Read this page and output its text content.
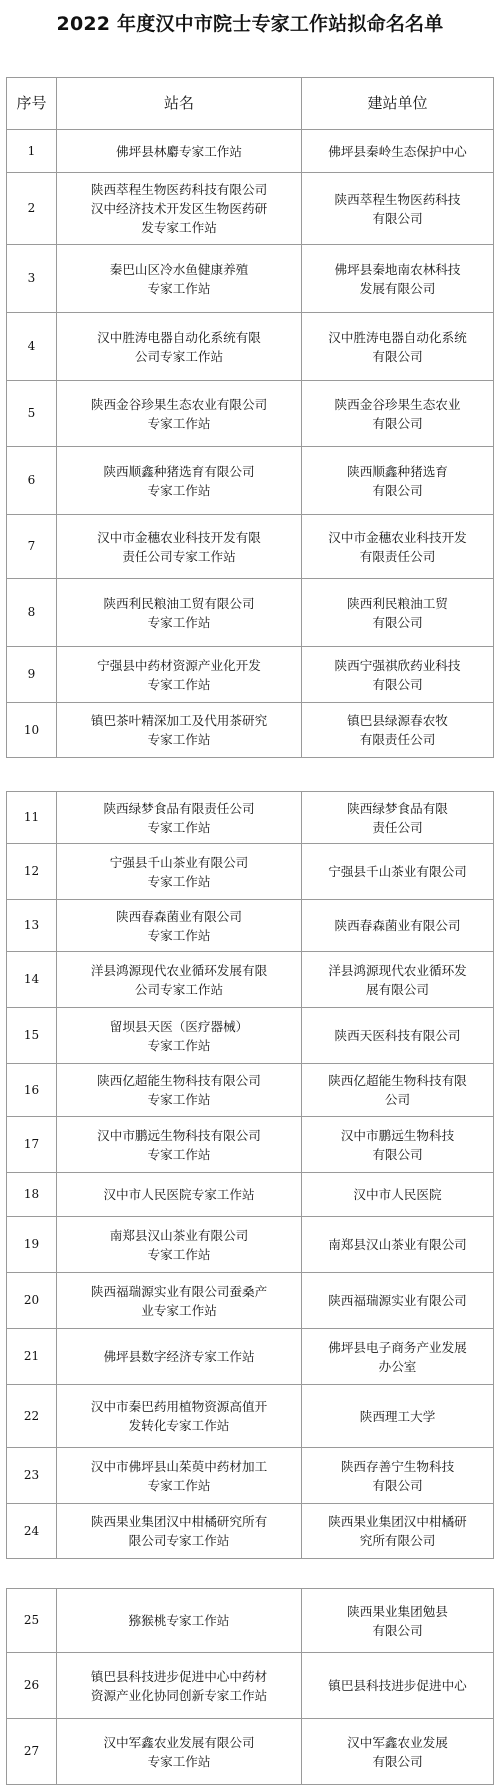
2022 年度汉中市院士专家工作站拟命名名单
序号	站名	建站单位
1	佛坪县林麝专家工作站	佛坪县秦岭生态保护中心
2	陕西萃程生物医药科技有限公司
汉中经济技术开发区生物医药研
发专家工作站	陕西萃程生物医药科技
有限公司
3	秦巴山区冷水鱼健康养殖
专家工作站	佛坪县秦地南农林科技
发展有限公司
4	汉中胜涛电器自动化系统有限
公司专家工作站	汉中胜涛电器自动化系统
有限公司
5	陕西金谷珍果生态农业有限公司
专家工作站	陕西金谷珍果生态农业
有限公司
6	陕西顺鑫种猪选育有限公司
专家工作站	陕西顺鑫种猪选育
有限公司
7	汉中市金穗农业科技开发有限
责任公司专家工作站	汉中市金穗农业科技开发
有限责任公司
8	陕西利民粮油工贸有限公司
专家工作站	陕西利民粮油工贸
有限公司
9	宁强县中药材资源产业化开发
专家工作站	陕西宁强祺欣药业科技
有限公司
10	镇巴茶叶精深加工及代用茶研究
专家工作站	镇巴县绿源春农牧
有限责任公司
11	陕西绿梦食品有限责任公司
专家工作站	陕西绿梦食品有限
责任公司
12	宁强县千山茶业有限公司
专家工作站	宁强县千山茶业有限公司
13	陕西春森菌业有限公司
专家工作站	陕西春森菌业有限公司
14	洋县鸿源现代农业循环发展有限
公司专家工作站	洋县鸿源现代农业循环发
展有限公司
15	留坝县天医（医疗器械）
专家工作站	陕西天医科技有限公司
16	陕西亿超能生物科技有限公司
专家工作站	陕西亿超能生物科技有限
公司
17	汉中市鹏远生物科技有限公司
专家工作站	汉中市鹏远生物科技
有限公司
18	汉中市人民医院专家工作站	汉中市人民医院
19	南郑县汉山茶业有限公司
专家工作站	南郑县汉山茶业有限公司
20	陕西福瑞源实业有限公司蚕桑产
业专家工作站	陕西福瑞源实业有限公司
21	佛坪县数字经济专家工作站	佛坪县电子商务产业发展
办公室
22	汉中市秦巴药用植物资源高值开
发转化专家工作站	陕西理工大学
23	汉中市佛坪县山茱萸中药材加工
专家工作站	陕西存善宁生物科技
有限公司
24	陕西果业集团汉中柑橘研究所有
限公司专家工作站	陕西果业集团汉中柑橘研
究所有限公司
25	猕猴桃专家工作站	陕西果业集团勉县
有限公司
26	镇巴县科技进步促进中心中药材
资源产业化协同创新专家工作站	镇巴县科技进步促进中心
27	汉中军鑫农业发展有限公司
专家工作站	汉中军鑫农业发展
有限公司
